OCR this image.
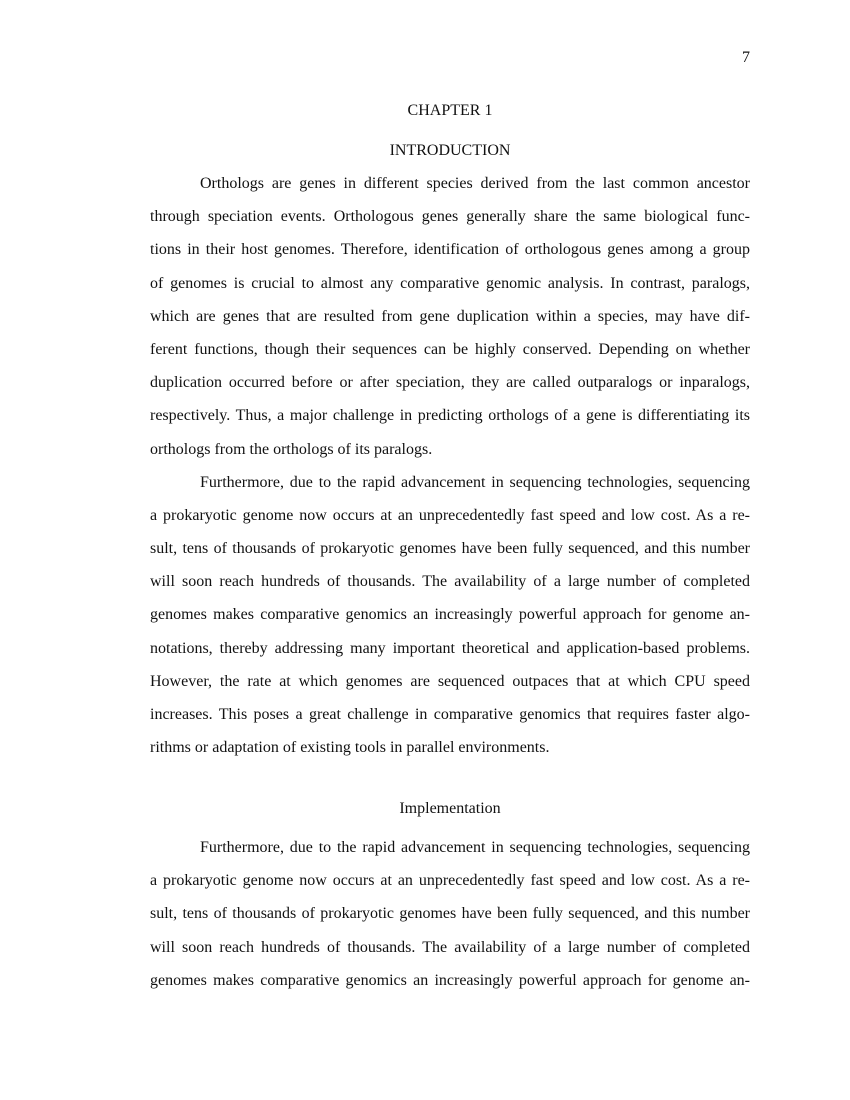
7
CHAPTER 1
INTRODUCTION
Orthologs are genes in different species derived from the last common ancestor
through speciation events. Orthologous genes generally share the same biological func-
tions in their host genomes. Therefore, identification of orthologous genes among a group
of genomes is crucial to almost any comparative genomic analysis. In contrast, paralogs,
which are genes that are resulted from gene duplication within a species, may have dif-
ferent functions, though their sequences can be highly conserved. Depending on whether
duplication occurred before or after speciation, they are called outparalogs or inparalogs,
respectively. Thus, a major challenge in predicting orthologs of a gene is differentiating its
orthologs from the orthologs of its paralogs.
Furthermore, due to the rapid advancement in sequencing technologies, sequencing
a prokaryotic genome now occurs at an unprecedentedly fast speed and low cost. As a re-
sult, tens of thousands of prokaryotic genomes have been fully sequenced, and this number
will soon reach hundreds of thousands. The availability of a large number of completed
genomes makes comparative genomics an increasingly powerful approach for genome an-
notations, thereby addressing many important theoretical and application-based problems.
However, the rate at which genomes are sequenced outpaces that at which CPU speed
increases. This poses a great challenge in comparative genomics that requires faster algo-
rithms or adaptation of existing tools in parallel environments.
Implementation
Furthermore, due to the rapid advancement in sequencing technologies, sequencing
a prokaryotic genome now occurs at an unprecedentedly fast speed and low cost. As a re-
sult, tens of thousands of prokaryotic genomes have been fully sequenced, and this number
will soon reach hundreds of thousands. The availability of a large number of completed
genomes makes comparative genomics an increasingly powerful approach for genome an-
